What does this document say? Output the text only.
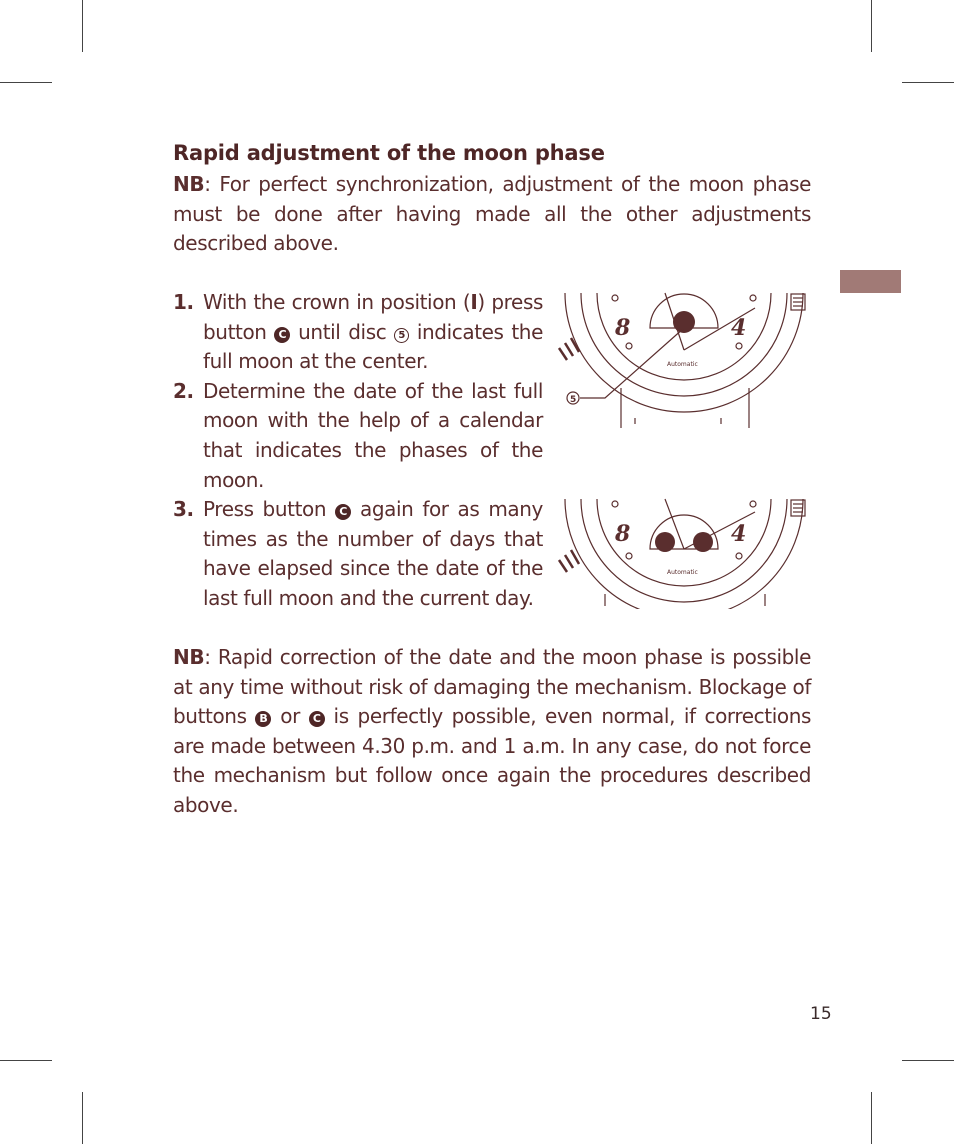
Rapid adjustment of the moon phase

NB: For perfect synchronization, adjustment of the moon phase must be done after having made all the other adjustments described above.

1. With the crown in position (I) press button C until disc 5 indicates the full moon at the center.
2. Determine the date of the last full moon with the help of a calendar that indicates the phases of the moon.
3. Press button C again for as many times as the number of days that have elapsed since the date of the last full moon and the current day.
8	4
Automatic
5
8	4
Automatic

NB: Rapid correction of the date and the moon phase is possible at any time without risk of damaging the mechanism. Blockage of buttons B or C is perfectly possible, even normal, if corrections are made between 4.30 p.m. and 1 a.m. In any case, do not force the mechanism but follow once again the procedures described above.

15
